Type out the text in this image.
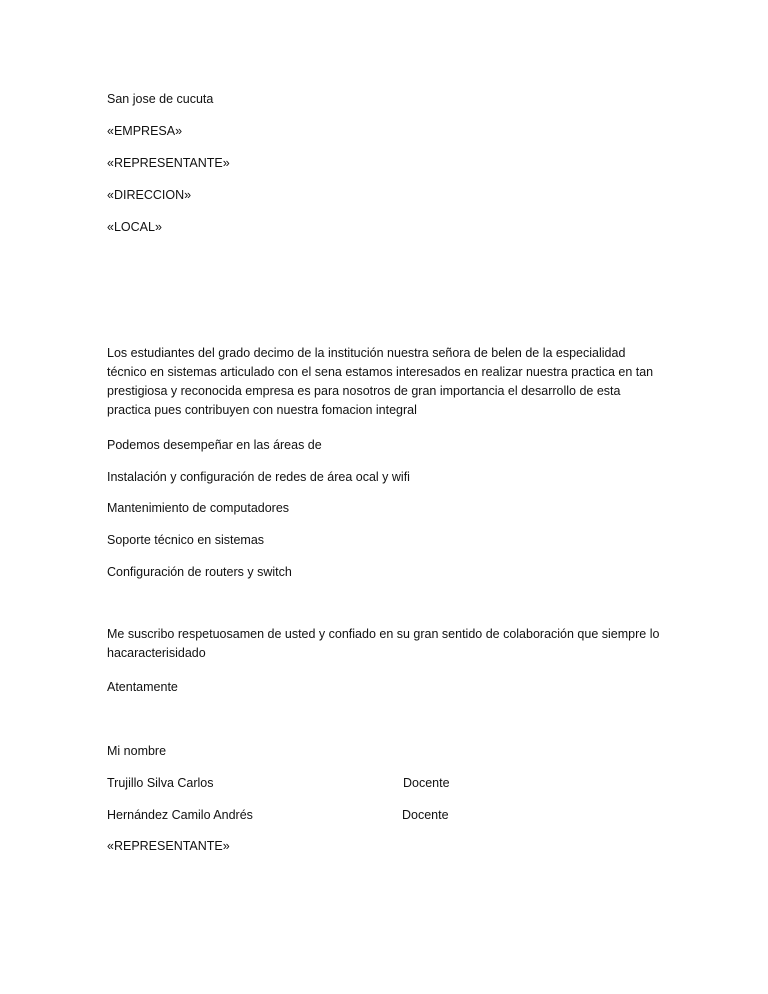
San jose de cucuta
«EMPRESA»
«REPRESENTANTE»
«DIRECCION»
«LOCAL»
Los estudiantes del grado decimo de la institución nuestra señora de belen de la especialidad técnico en sistemas articulado con el sena estamos interesados en realizar nuestra practica en tan prestigiosa y reconocida empresa es para nosotros de gran importancia el desarrollo de esta practica pues contribuyen con nuestra fomacion integral
Podemos desempeñar en las áreas de
Instalación y configuración de redes de área ocal y wifi
Mantenimiento de computadores
Soporte técnico en sistemas
Configuración de routers y switch
Me suscribo respetuosamen de usted y confiado en su gran sentido de colaboración que siempre lo hacaracterisidado
Atentamente
Mi nombre
Trujillo Silva Carlos	Docente
Hernández Camilo Andrés	Docente
«REPRESENTANTE»
